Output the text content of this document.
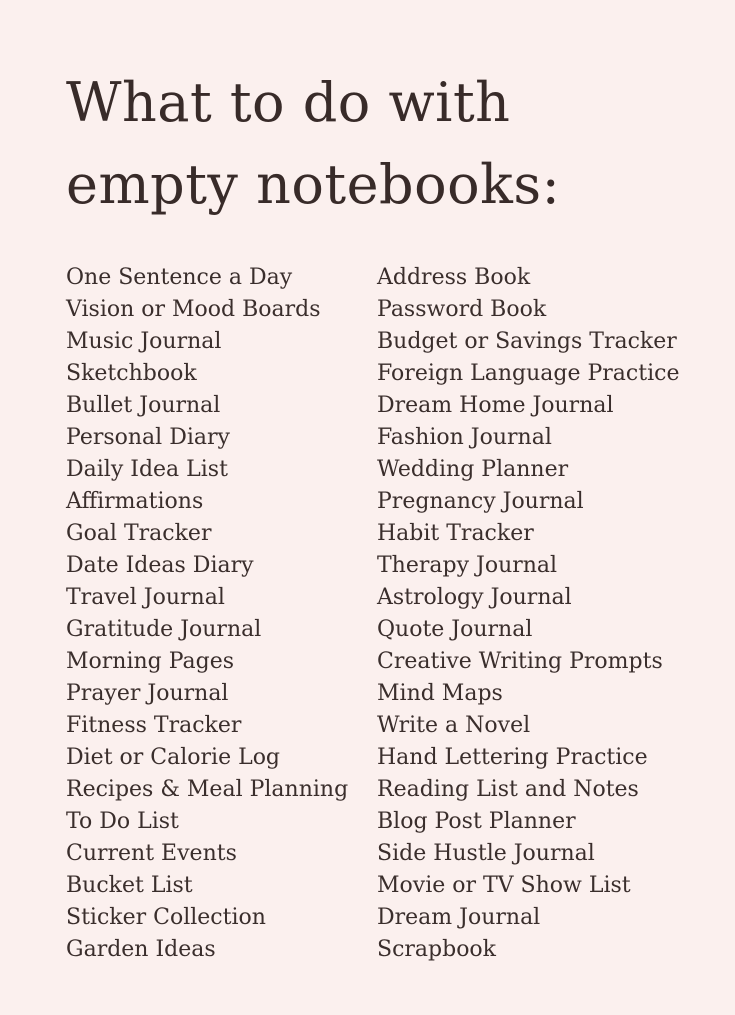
What to do with
empty notebooks:
One Sentence a Day
Vision or Mood Boards
Music Journal
Sketchbook
Bullet Journal
Personal Diary
Daily Idea List
Affirmations
Goal Tracker
Date Ideas Diary
Travel Journal
Gratitude Journal
Morning Pages
Prayer Journal
Fitness Tracker
Diet or Calorie Log
Recipes & Meal Planning
To Do List
Current Events
Bucket List
Sticker Collection
Garden Ideas
Address Book
Password Book
Budget or Savings Tracker
Foreign Language Practice
Dream Home Journal
Fashion Journal
Wedding Planner
Pregnancy Journal
Habit Tracker
Therapy Journal
Astrology Journal
Quote Journal
Creative Writing Prompts
Mind Maps
Write a Novel
Hand Lettering Practice
Reading List and Notes
Blog Post Planner
Side Hustle Journal
Movie or TV Show List
Dream Journal
Scrapbook
